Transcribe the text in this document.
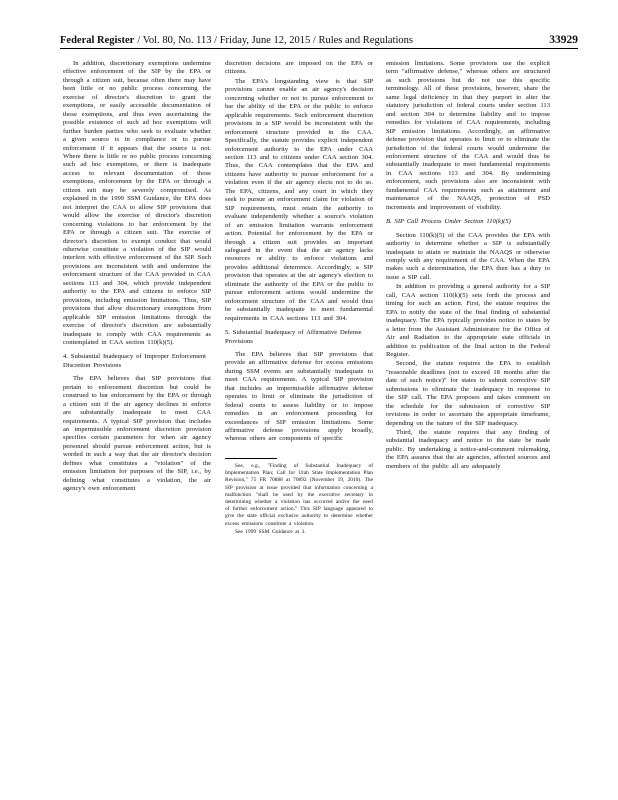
Federal Register / Vol. 80, No. 113 / Friday, June 12, 2015 / Rules and Regulations	33929

In addition, discretionary exemptions undermine effective enforcement of the SIP by the EPA or through a citizen suit, because often there may have been little or no public process concerning the exercise of director's discretion to grant the exemptions, or easily accessible documentation of those exemptions, and thus even ascertaining the possible existence of such ad hoc exemptions will further burden parties who seek to evaluate whether a given source is in compliance or to pursue enforcement if it appears that the source is not. Where there is little or no public process concerning such ad hoc exemptions, or there is inadequate access to relevant documentation of those exemptions, enforcement by the EPA or through a citizen suit may be severely compromised. As explained in the 1999 SSM Guidance, the EPA does not interpret the CAA to allow SIP provisions that would allow the exercise of director's discretion concerning violations to bar enforcement by the EPA or through a citizen suit. The exercise of director's discretion to exempt conduct that would otherwise constitute a violation of the SIP would interfere with effective enforcement of the SIP. Such provisions are inconsistent with and undermine the enforcement structure of the CAA provided in CAA sections 113 and 304, which provide independent authority to the EPA and citizens to enforce SIP provisions, including emission limitations. Thus, SIP provisions that allow discretionary exemptions from applicable SIP emission limitations through the exercise of director's discretion are substantially inadequate to comply with CAA requirements as contemplated in CAA section 110(k)(5).

4. Substantial Inadequacy of Improper Enforcement Discretion Provisions

The EPA believes that SIP provisions that pertain to enforcement discretion but could be construed to bar enforcement by the EPA or through a citizen suit if the air agency declines to enforce are substantially inadequate to meet CAA requirements. A typical SIP provision that includes an impermissible enforcement discretion provision specifies certain parameters for when air agency personnel should pursue enforcement action, but is worded in such a way that the air director's decision defines what constitutes a "violation" of the emission limitation for purposes of the SIP, i.e., by defining what constitutes a violation, the air agency's own enforcement

discretion decisions are imposed on the EPA or citizens.

The EPA's longstanding view is that SIP provisions cannot enable an air agency's decision concerning whether or not to pursue enforcement to bar the ability of the EPA or the public to enforce applicable requirements. Such enforcement discretion provisions in a SIP would be inconsistent with the enforcement structure provided in the CAA. Specifically, the statute provides explicit independent enforcement authority to the EPA under CAA section 113 and to citizens under CAA section 304. Thus, the CAA contemplates that the EPA and citizens have authority to pursue enforcement for a violation even if the air agency elects not to do so. The EPA, citizens, and any court in which they seek to pursue an enforcement claim for violation of SIP requirements, must retain the authority to evaluate independently whether a source's violation of an emission limitation warrants enforcement action. Potential for enforcement by the EPA or through a citizen suit provides an important safeguard in the event that the air agency lacks resources or ability to enforce violations and provides additional deterrence. Accordingly, a SIP provision that operates at the air agency's election to eliminate the authority of the EPA or the public to pursue enforcement actions would undermine the enforcement structure of the CAA and would thus be substantially inadequate to meet fundamental requirements in CAA sections 113 and 304.

5. Substantial Inadequacy of Affirmative Defense Provisions

The EPA believes that SIP provisions that provide an affirmative defense for excess emissions during SSM events are substantially inadequate to meet CAA requirements. A typical SIP provision that includes an impermissible affirmative defense operates to limit or eliminate the jurisdiction of federal courts to assess liability or to impose remedies in an enforcement proceeding for exceedances of SIP emission limitations. Some affirmative defense provisions apply broadly, whereas others are components of specific

See, e.g., "Finding of Substantial Inadequacy of Implementation Plan; Call for Utah State Implementation Plan Revision," 75 FR 70888 at 70892 (November 19, 2010). The SIP provision at issue provided that information concerning a malfunction "shall be used by the executive secretary in determining whether a violation has occurred and/or the need of further enforcement action." This SIP language appeared to give the state official exclusive authority to determine whether excess emissions constitute a violation.

See 1999 SSM Guidance at 3.

emission limitations. Some provisions use the explicit term "affirmative defense," whereas others are structured as such provisions but do not use this specific terminology. All of these provisions, however, share the same legal deficiency in that they purport to alter the statutory jurisdiction of federal courts under section 113 and section 304 to determine liability and to impose remedies for violations of CAA requirements, including SIP emission limitations. Accordingly, an affirmative defense provision that operates to limit or to eliminate the jurisdiction of the federal courts would undermine the enforcement structure of the CAA and would thus be substantially inadequate to meet fundamental requirements in CAA sections 113 and 304. By undermining enforcement, such provisions also are inconsistent with fundamental CAA requirements such as attainment and maintenance of the NAAQS, protection of PSD increments and improvement of visibility.

B. SIP Call Process Under Section 110(k)(5)

Section 110(k)(5) of the CAA provides the EPA with authority to determine whether a SIP is substantially inadequate to attain or maintain the NAAQS or otherwise comply with any requirement of the CAA. When the EPA makes such a determination, the EPA then has a duty to issue a SIP call.

In addition to providing a general authority for a SIP call, CAA section 110(k)(5) sets forth the process and timing for such an action. First, the statute requires the EPA to notify the state of the final finding of substantial inadequacy. The EPA typically provides notice to states by a letter from the Assistant Administrator for the Office of Air and Radiation to the appropriate state officials in addition to publication of the final action in the Federal Register.

Second, the statute requires the EPA to establish "reasonable deadlines (not to exceed 18 months after the date of such notice)" for states to submit corrective SIP submissions to eliminate the inadequacy in response to the SIP call. The EPA proposes and takes comment on the schedule for the submission of corrective SIP revisions in order to ascertain the appropriate timeframe, depending on the nature of the SIP inadequacy.

Third, the statute requires that any finding of substantial inadequacy and notice to the state be made public. By undertaking a notice-and-comment rulemaking, the EPA assures that the air agencies, affected sources and members of the public all are adequately
